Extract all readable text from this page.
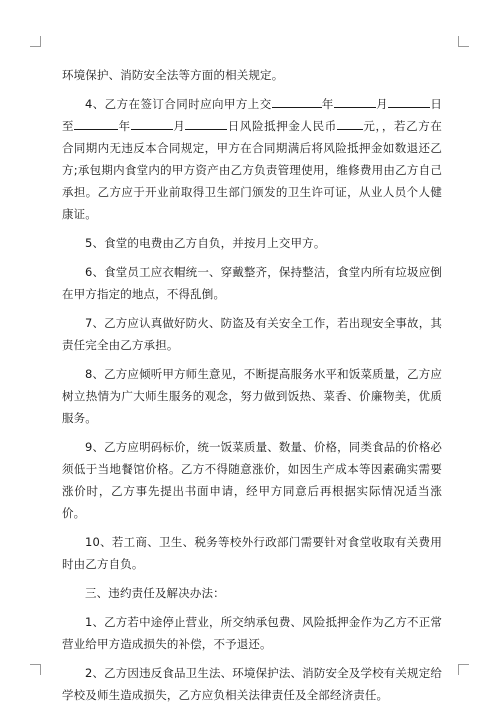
环境保护、消防安全法等方面的相关规定。

4、乙方在签订合同时应向甲方上交	年	月	日至	年	月	日风险抵押金人民币 元，，若乙方在合同期内无违反本合同规定，甲方在合同期满后将风险抵押金如数退还乙方;承包期内食堂内的甲方资产由乙方负责管理使用，维修费用由乙方自己承担。乙方应于开业前取得卫生部门颁发的卫生许可证，从业人员个人健康证。

5、食堂的电费由乙方自负，并按月上交甲方。

6、食堂员工应衣帽统一、穿戴整齐，保持整洁，食堂内所有垃圾应倒在甲方指定的地点，不得乱倒。

7、乙方应认真做好防火、防盗及有关安全工作，若出现安全事故，其责任完全由乙方承担。

8、乙方应倾听甲方师生意见，不断提高服务水平和饭菜质量，乙方应树立热情为广大师生服务的观念，努力做到饭热、菜香、价廉物美，优质服务。

9、乙方应明码标价，统一饭菜质量、数量、价格，同类食品的价格必须低于当地餐馆价格。乙方不得随意涨价，如因生产成本等因素确实需要涨价时，乙方事先提出书面申请，经甲方同意后再根据实际情况适当涨价。

10、若工商、卫生、税务等校外行政部门需要针对食堂收取有关费用时由乙方自负。

三、违约责任及解决办法：

1、乙方若中途停止营业，所交纳承包费、风险抵押金作为乙方不正常营业给甲方造成损失的补偿，不予退还。

2、乙方因违反食品卫生法、环境保护法、消防安全及学校有关规定给学校及师生造成损失，乙方应负相关法律责任及全部经济责任。
